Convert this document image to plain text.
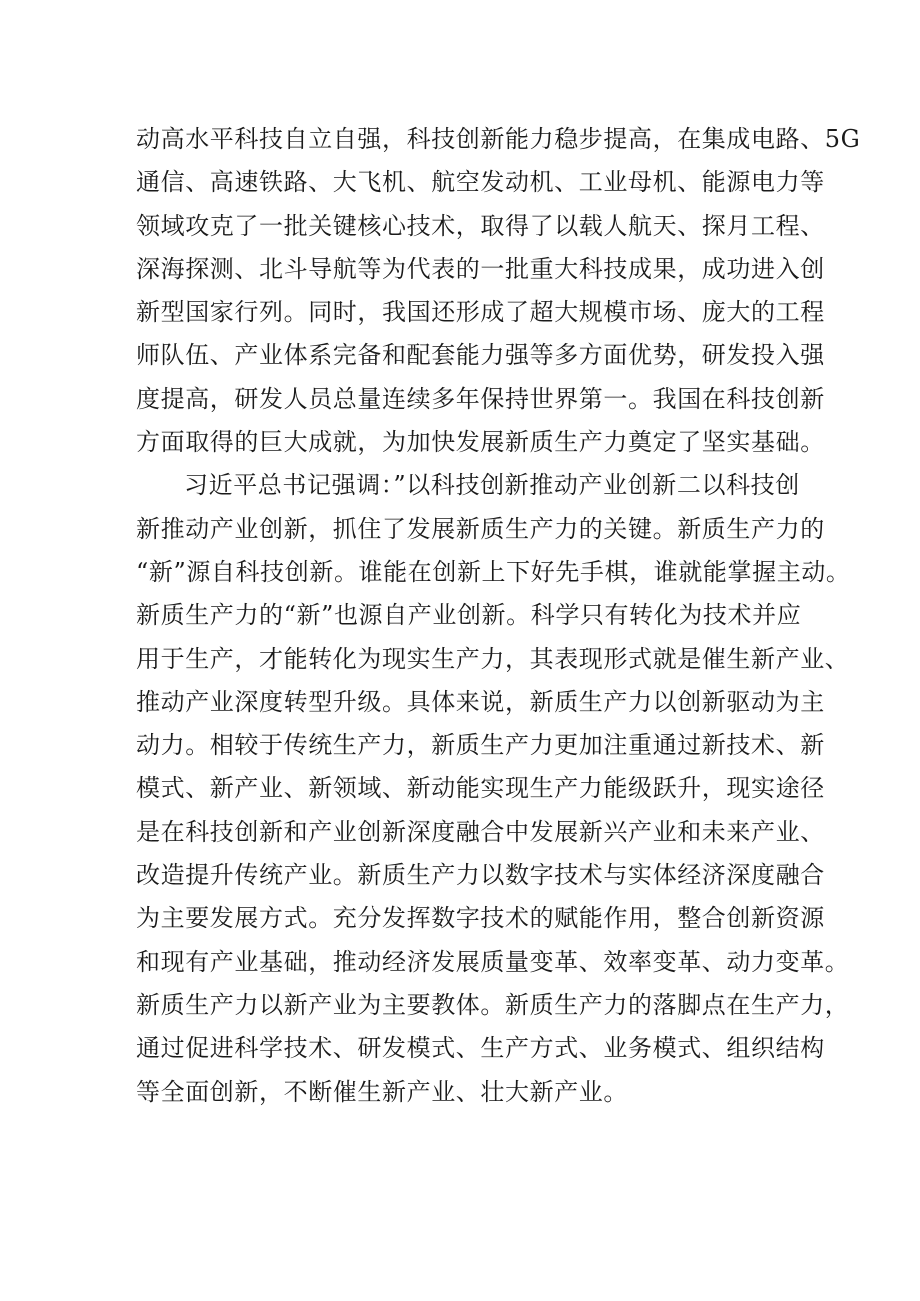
动高水平科技自立自强，科技创新能力稳步提高，在集成电路、5G
通信、高速铁路、大飞机、航空发动机、工业母机、能源电力等
领域攻克了一批关键核心技术，取得了以载人航天、探月工程、
深海探测、北斗导航等为代表的一批重大科技成果，成功进入创
新型国家行列。同时，我国还形成了超大规模市场、庞大的工程
师队伍、产业体系完备和配套能力强等多方面优势，研发投入强
度提高，研发人员总量连续多年保持世界第一。我国在科技创新
方面取得的巨大成就，为加快发展新质生产力奠定了坚实基础。
习近平总书记强调：”以科技创新推动产业创新二以科技创
新推动产业创新，抓住了发展新质生产力的关键。新质生产力的
“新”源自科技创新。谁能在创新上下好先手棋，谁就能掌握主动。
新质生产力的“新”也源自产业创新。科学只有转化为技术并应
用于生产，才能转化为现实生产力，其表现形式就是催生新产业、
推动产业深度转型升级。具体来说，新质生产力以创新驱动为主
动力。相较于传统生产力，新质生产力更加注重通过新技术、新
模式、新产业、新领域、新动能实现生产力能级跃升，现实途径
是在科技创新和产业创新深度融合中发展新兴产业和未来产业、
改造提升传统产业。新质生产力以数字技术与实体经济深度融合
为主要发展方式。充分发挥数字技术的赋能作用，整合创新资源
和现有产业基础，推动经济发展质量变革、效率变革、动力变革。
新质生产力以新产业为主要教体。新质生产力的落脚点在生产力，
通过促进科学技术、研发模式、生产方式、业务模式、组织结构
等全面创新，不断催生新产业、壮大新产业。
